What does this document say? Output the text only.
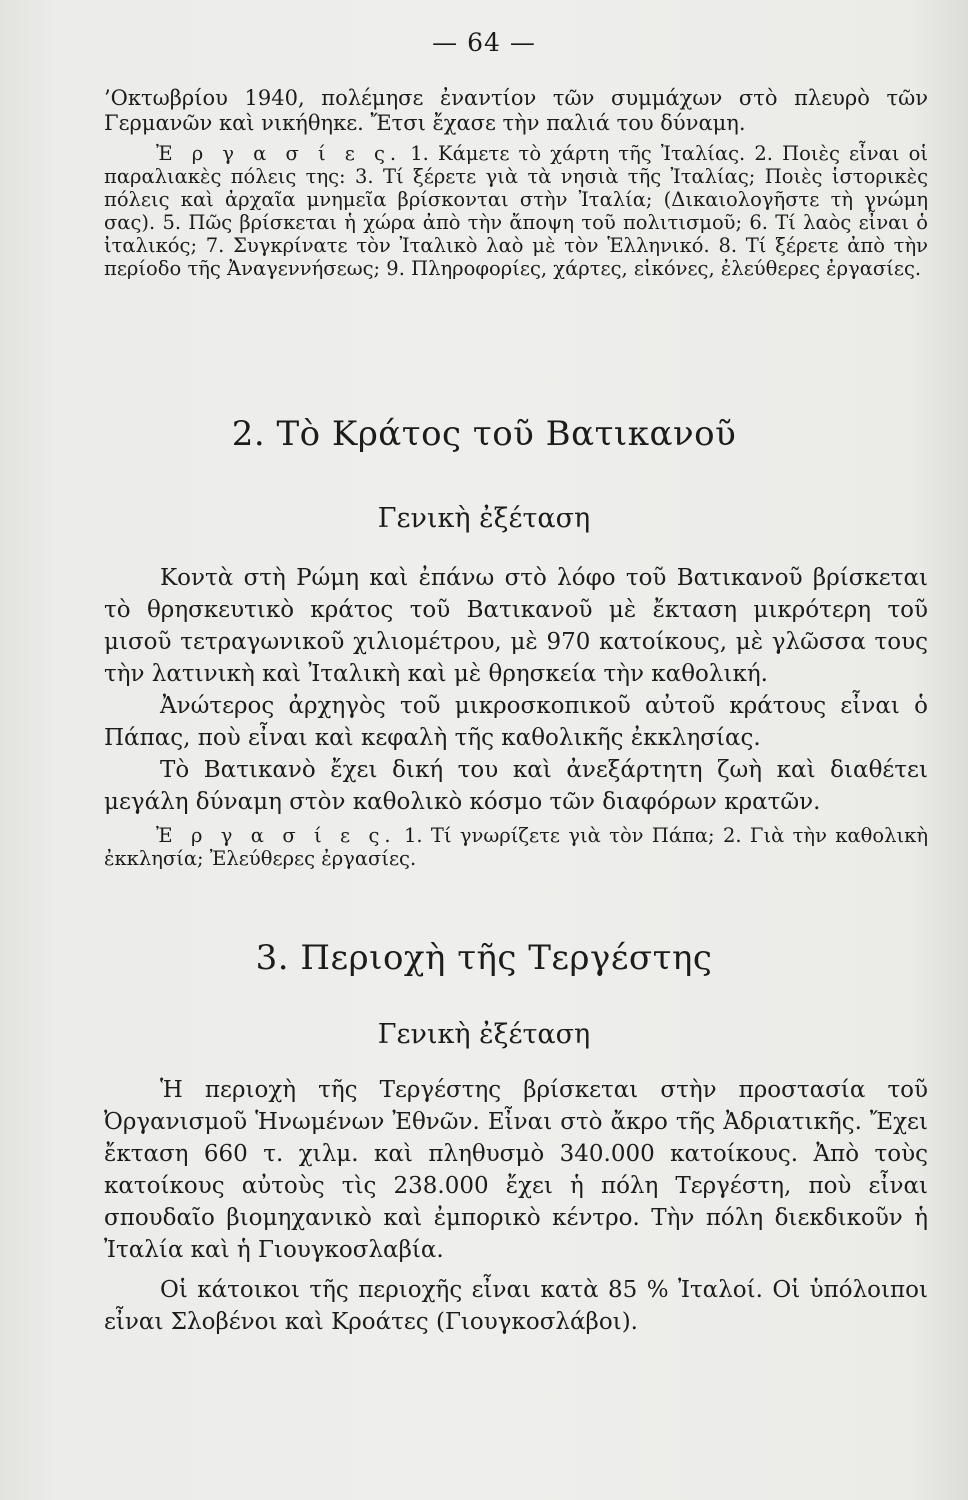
— 64 —

’Οκτωβρίου 1940, πολέμησε ἐναντίον τῶν συμμάχων στὸ πλευρὸ τῶν Γερμανῶν καὶ νικήθηκε. Ἔτσι ἔχασε τὴν παλιά του δύναμη.

Ἐ ρ γ α σ ί ε ς. 1. Κάμετε τὸ χάρτη τῆς Ἰταλίας. 2. Ποιὲς εἶναι οἱ παραλιακὲς πόλεις της: 3. Τί ξέρετε γιὰ τὰ νησιὰ τῆς Ἰταλίας; Ποιὲς ἱστορικὲς πόλεις καὶ ἀρχαῖα μνημεῖα βρίσκονται στὴν Ἰταλία; (Δικαιολογῆστε τὴ γνώμη σας). 5. Πῶς βρίσκεται ἡ χώρα ἀπὸ τὴν ἄποψη τοῦ πολιτισμοῦ; 6. Τί λαὸς εἶναι ὁ ἰταλικός; 7. Συγκρίνατε τὸν Ἰταλικὸ λαὸ μὲ τὸν Ἑλληνικό. 8. Τί ξέρετε ἀπὸ τὴν περίοδο τῆς Ἀναγεννήσεως; 9. Πληροφορίες, χάρτες, εἰκόνες, ἐλεύθερες ἐργασίες.

2. Τὸ Κράτος τοῦ Βατικανοῦ
Γενικὴ ἐξέταση

Κοντὰ στὴ Ρώμη καὶ ἐπάνω στὸ λόφο τοῦ Βατικανοῦ βρίσκεται τὸ θρησκευτικὸ κράτος τοῦ Βατικανοῦ μὲ ἔκταση μικρότερη τοῦ μισοῦ τετραγωνικοῦ χιλιομέτρου, μὲ 970 κατοίκους, μὲ γλῶσσα τους τὴν λατινικὴ καὶ Ἰταλικὴ καὶ μὲ θρησκεία τὴν καθολική.

Ἀνώτερος ἀρχηγὸς τοῦ μικροσκοπικοῦ αὐτοῦ κράτους εἶναι ὁ Πάπας, ποὺ εἶναι καὶ κεφαλὴ τῆς καθολικῆς ἐκκλησίας.

Τὸ Βατικανὸ ἔχει δική του καὶ ἀνεξάρτητη ζωὴ καὶ διαθέτει μεγάλη δύναμη στὸν καθολικὸ κόσμο τῶν διαφόρων κρατῶν.

Ἐ ρ γ α σ ί ε ς. 1. Τί γνωρίζετε γιὰ τὸν Πάπα; 2. Γιὰ τὴν καθολικὴ ἐκκλησία; Ἐλεύθερες ἐργασίες.

3. Περιοχὴ τῆς Τεργέστης
Γενικὴ ἐξέταση

Ἡ περιοχὴ τῆς Τεργέστης βρίσκεται στὴν προστασία τοῦ Ὀργανισμοῦ Ἡνωμένων Ἐθνῶν. Εἶναι στὸ ἄκρο τῆς Ἀδριατικῆς. Ἔχει ἔκταση 660 τ. χιλμ. καὶ πληθυσμὸ 340.000 κατοίκους. Ἀπὸ τοὺς κατοίκους αὐτοὺς τὶς 238.000 ἔχει ἡ πόλη Τεργέστη, ποὺ εἶναι σπουδαῖο βιομηχανικὸ καὶ ἐμπορικὸ κέντρο. Τὴν πόλη διεκδικοῦν ἡ Ἰταλία καὶ ἡ Γιουγκοσλαβία.

Οἱ κάτοικοι τῆς περιοχῆς εἶναι κατὰ 85 % Ἰταλοί. Οἱ ὑπόλοιποι εἶναι Σλοβένοι καὶ Κροάτες (Γιουγκοσλάβοι).
